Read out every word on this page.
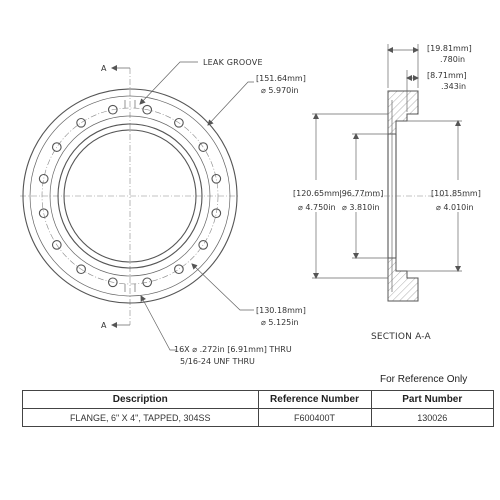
A
A
LEAK GROOVE
[151.64mm]
⌀ 5.970in
[130.18mm]
⌀ 5.125in
16X ⌀ .272in [6.91mm] THRU
5/16-24 UNF THRU
[19.81mm]
.780in
[8.71mm]
.343in
[120.65mm
⌀ 4.750in
|96.77mm]
⌀ 3.810in
[101.85mm]
⌀ 4.010in
SECTION A-A
For Reference Only
Description	Reference Number	Part Number
FLANGE, 6" X 4", TAPPED, 304SS	F600400T	130026
